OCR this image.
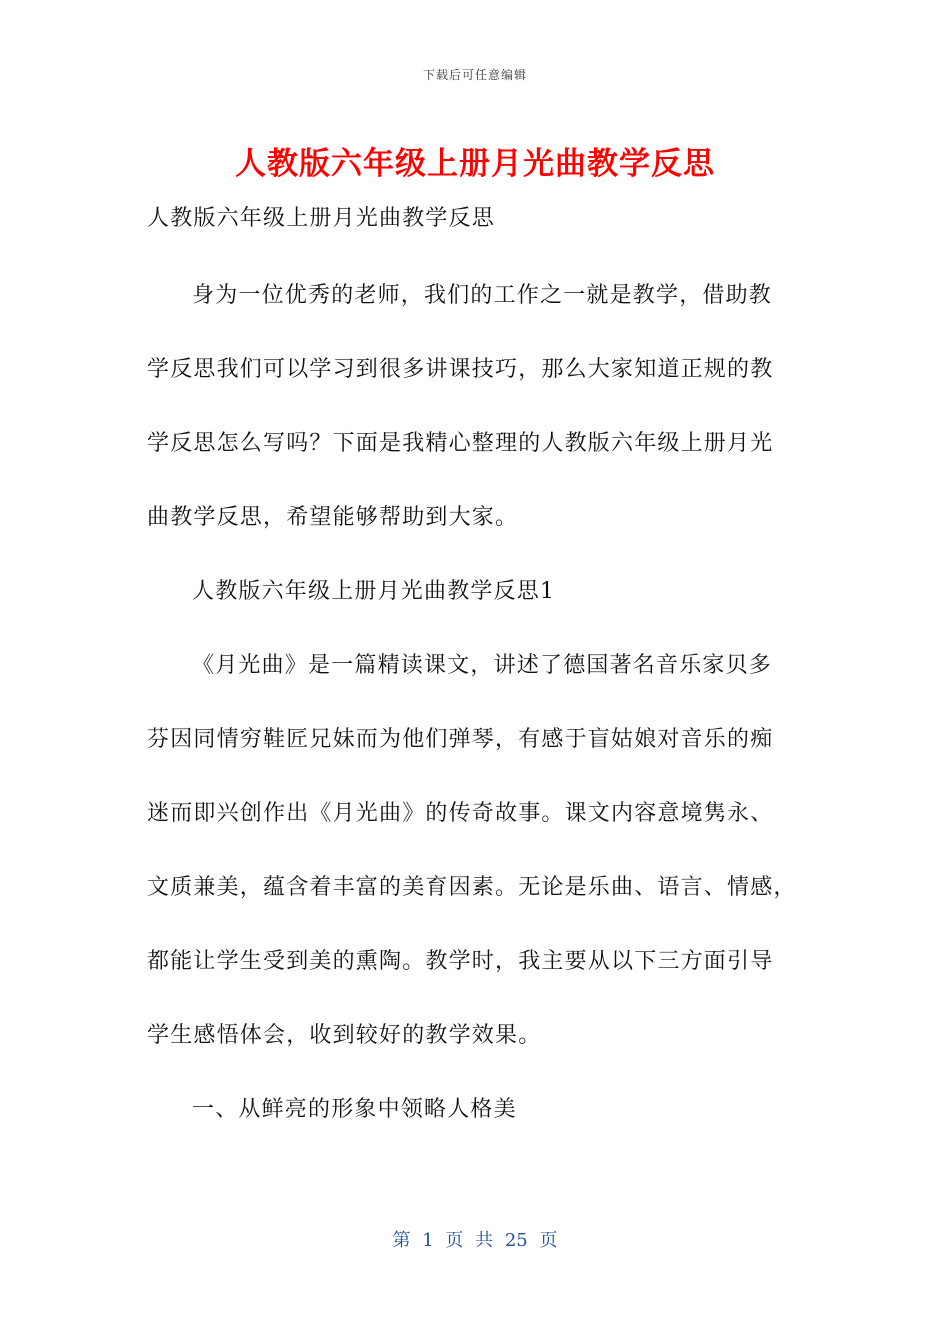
下载后可任意编辑
人教版六年级上册月光曲教学反思
人教版六年级上册月光曲教学反思
身为一位优秀的老师，我们的工作之一就是教学，借助教
学反思我们可以学习到很多讲课技巧，那么大家知道正规的教
学反思怎么写吗？下面是我精心整理的人教版六年级上册月光
曲教学反思，希望能够帮助到大家。
人教版六年级上册月光曲教学反思1
《月光曲》是一篇精读课文，讲述了德国著名音乐家贝多
芬因同情穷鞋匠兄妹而为他们弹琴，有感于盲姑娘对音乐的痴
迷而即兴创作出《月光曲》的传奇故事。课文内容意境隽永、
文质兼美，蕴含着丰富的美育因素。无论是乐曲、语言、情感，
都能让学生受到美的熏陶。教学时，我主要从以下三方面引导
学生感悟体会，收到较好的教学效果。
一、从鲜亮的形象中领略人格美
第 1 页 共 25 页
